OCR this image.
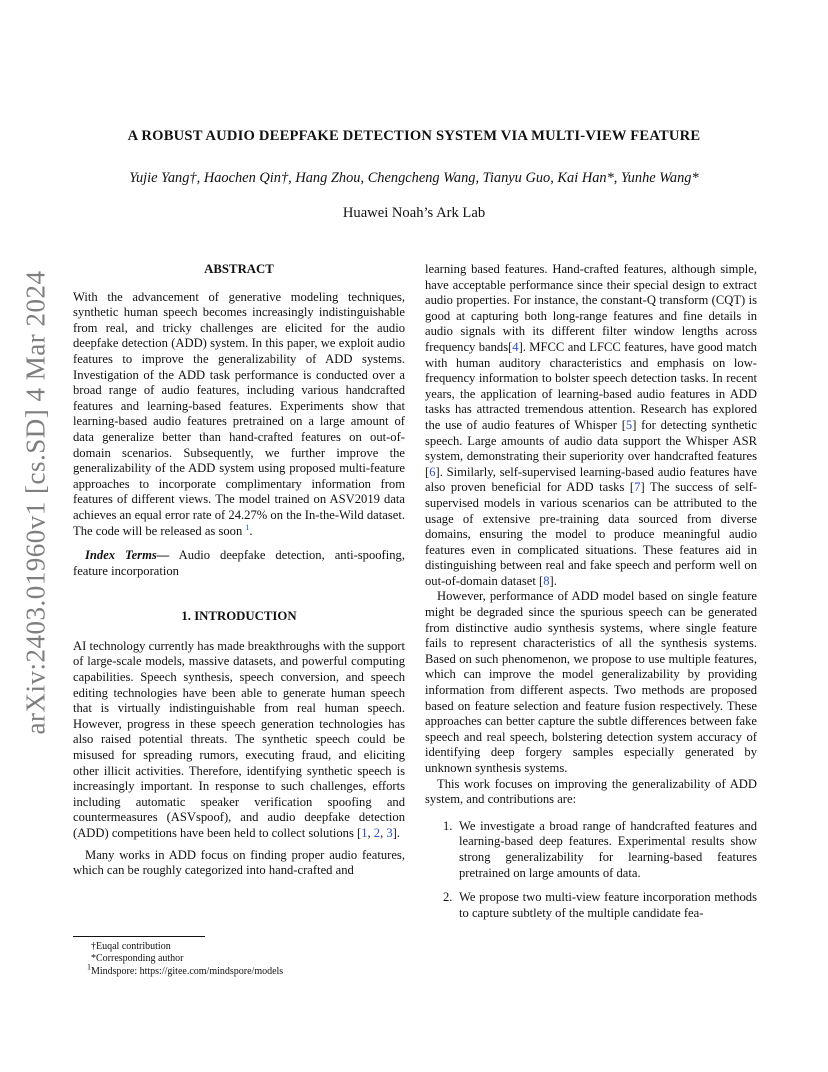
arXiv:2403.01960v1 [cs.SD] 4 Mar 2024
A ROBUST AUDIO DEEPFAKE DETECTION SYSTEM VIA MULTI-VIEW FEATURE
Yujie Yang†, Haochen Qin†, Hang Zhou, Chengcheng Wang, Tianyu Guo, Kai Han*, Yunhe Wang*
Huawei Noah’s Ark Lab
ABSTRACT

With the advancement of generative modeling techniques, synthetic human speech becomes increasingly indistinguishable from real, and tricky challenges are elicited for the audio deepfake detection (ADD) system. In this paper, we exploit audio features to improve the generalizability of ADD systems. Investigation of the ADD task performance is conducted over a broad range of audio features, including various handcrafted features and learning-based features. Experiments show that learning-based audio features pretrained on a large amount of data generalize better than hand-crafted features on out-of-domain scenarios. Subsequently, we further improve the generalizability of the ADD system using proposed multi-feature approaches to incorporate complimentary information from features of different views. The model trained on ASV2019 data achieves an equal error rate of 24.27% on the In-the-Wild dataset. The code will be released as soon $^1$.

Index Terms— Audio deepfake detection, anti-spoofing, feature incorporation

1. INTRODUCTION

AI technology currently has made breakthroughs with the support of large-scale models, massive datasets, and powerful computing capabilities. Speech synthesis, speech conversion, and speech editing technologies have been able to generate human speech that is virtually indistinguishable from real human speech. However, progress in these speech generation technologies has also raised potential threats. The synthetic speech could be misused for spreading rumors, executing fraud, and eliciting other illicit activities. Therefore, identifying synthetic speech is increasingly important. In response to such challenges, efforts including automatic speaker verification spoofing and countermeasures (ASVspoof), and audio deepfake detection (ADD) competitions have been held to collect solutions [1, 2, 3].

Many works in ADD focus on finding proper audio features, which can be roughly categorized into hand-crafted and

learning based features. Hand-crafted features, although simple, have acceptable performance since their special design to extract audio properties. For instance, the constant-Q transform (CQT) is good at capturing both long-range features and fine details in audio signals with its different filter window lengths across frequency bands[4]. MFCC and LFCC features, have good match with human auditory characteristics and emphasis on low-frequency information to bolster speech detection tasks. In recent years, the application of learning-based audio features in ADD tasks has attracted tremendous attention. Research has explored the use of audio features of Whisper [5] for detecting synthetic speech. Large amounts of audio data support the Whisper ASR system, demonstrating their superiority over handcrafted features [6]. Similarly, self-supervised learning-based audio features have also proven beneficial for ADD tasks [7] The success of self-supervised models in various scenarios can be attributed to the usage of extensive pre-training data sourced from diverse domains, ensuring the model to produce meaningful audio features even in complicated situations. These features aid in distinguishing between real and fake speech and perform well on out-of-domain dataset [8].

However, performance of ADD model based on single feature might be degraded since the spurious speech can be generated from distinctive audio synthesis systems, where single feature fails to represent characteristics of all the synthesis systems. Based on such phenomenon, we propose to use multiple features, which can improve the model generalizability by providing information from different aspects. Two methods are proposed based on feature selection and feature fusion respectively. These approaches can better capture the subtle differences between fake speech and real speech, bolstering detection system accuracy of identifying deep forgery samples especially generated by unknown synthesis systems.

This work focuses on improving the generalizability of ADD system, and contributions are:

1. We investigate a broad range of handcrafted features and learning-based deep features. Experimental results show strong generalizability for learning-based features pretrained on large amounts of data.
2. We propose two multi-view feature incorporation methods to capture subtlety of the multiple candidate fea-
†Euqal contribution
*Corresponding author
$^1$Mindspore: https://gitee.com/mindspore/models
